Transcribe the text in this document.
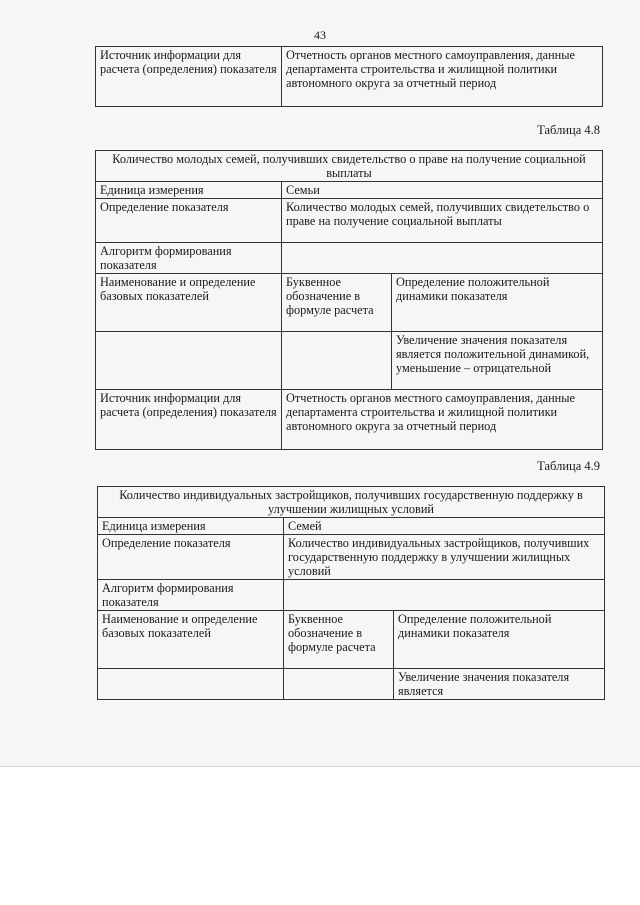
43
Источник информации для расчета (определения) показателя	Отчетность органов местного самоуправления, данные департамента строительства и жилищной политики автономного округа за отчетный период
Таблица 4.8
Количество молодых семей, получивших свидетельство о праве на получение социальной выплаты		
Единица измерения	Семьи	
Определение показателя	Количество молодых семей, получивших свидетельство о праве на получение социальной выплаты	
Алгоритм формирования показателя		
Наименование и определение базовых показателей	Буквенное обозначение в формуле расчета	Определение положительной динамики показателя
		Увеличение значения показателя является положительной динамикой, уменьшение – отрицательной
Источник информации для расчета (определения) показателя	Отчетность органов местного самоуправления, данные департамента строительства и жилищной политики автономного округа за отчетный период	
Таблица 4.9
Количество индивидуальных застройщиков, получивших государственную поддержку в улучшении жилищных условий		
Единица измерения	Семей	
Определение показателя	Количество индивидуальных застройщиков, получивших государственную поддержку в улучшении жилищных условий	
Алгоритм формирования показателя		
Наименование и определение базовых показателей	Буквенное обозначение в формуле расчета	Определение положительной динамики показателя
		Увеличение значения показателя является
